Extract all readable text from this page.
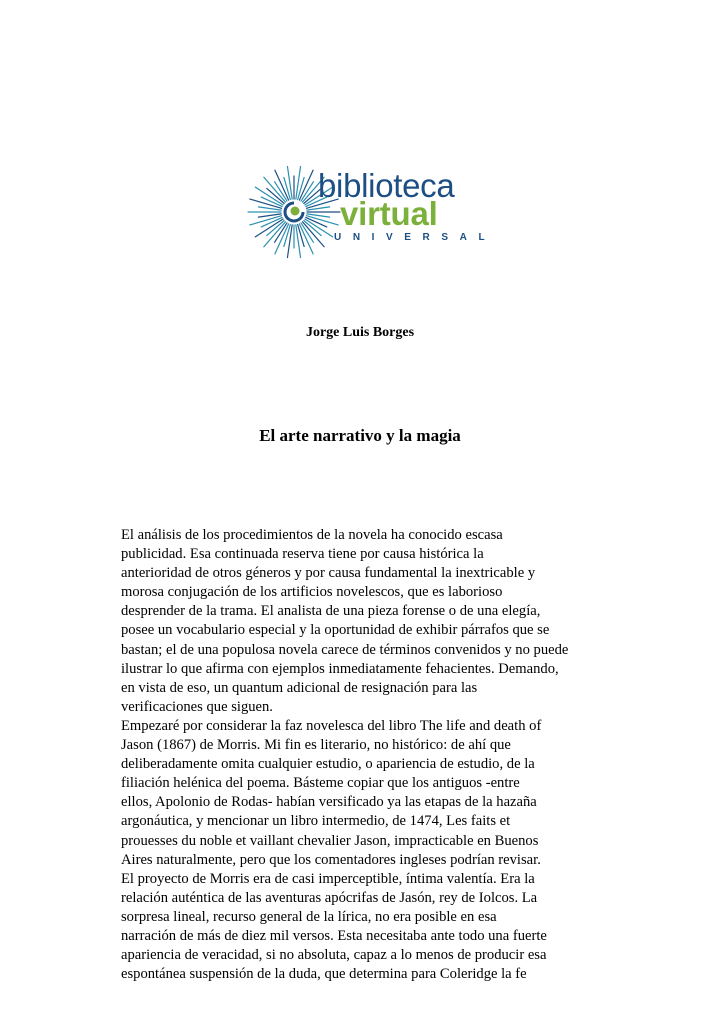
biblioteca
virtual
UNIVERSAL
Jorge Luis Borges
El arte narrativo y la magia
El análisis de los procedimientos de la novela ha conocido escasa
publicidad. Esa continuada reserva tiene por causa histórica la
anterioridad de otros géneros y por causa fundamental la inextricable y
morosa conjugación de los artificios novelescos, que es laborioso
desprender de la trama. El analista de una pieza forense o de una elegía,
posee un vocabulario especial y la oportunidad de exhibir párrafos que se
bastan; el de una populosa novela carece de términos convenidos y no puede
ilustrar lo que afirma con ejemplos inmediatamente fehacientes. Demando,
en vista de eso, un quantum adicional de resignación para las
verificaciones que siguen.
Empezaré por considerar la faz novelesca del libro The life and death of
Jason (1867) de Morris. Mi fin es literario, no histórico: de ahí que
deliberadamente omita cualquier estudio, o apariencia de estudio, de la
filiación helénica del poema. Básteme copiar que los antiguos -entre
ellos, Apolonio de Rodas- habían versificado ya las etapas de la hazaña
argonáutica, y mencionar un libro intermedio, de 1474, Les faits et
prouesses du noble et vaillant chevalier Jason, impracticable en Buenos
Aires naturalmente, pero que los comentadores ingleses podrían revisar.
El proyecto de Morris era de casi imperceptible, íntima valentía. Era la
relación auténtica de las aventuras apócrifas de Jasón, rey de Iolcos. La
sorpresa lineal, recurso general de la lírica, no era posible en esa
narración de más de diez mil versos. Esta necesitaba ante todo una fuerte
apariencia de veracidad, si no absoluta, capaz a lo menos de producir esa
espontánea suspensión de la duda, que determina para Coleridge la fe
